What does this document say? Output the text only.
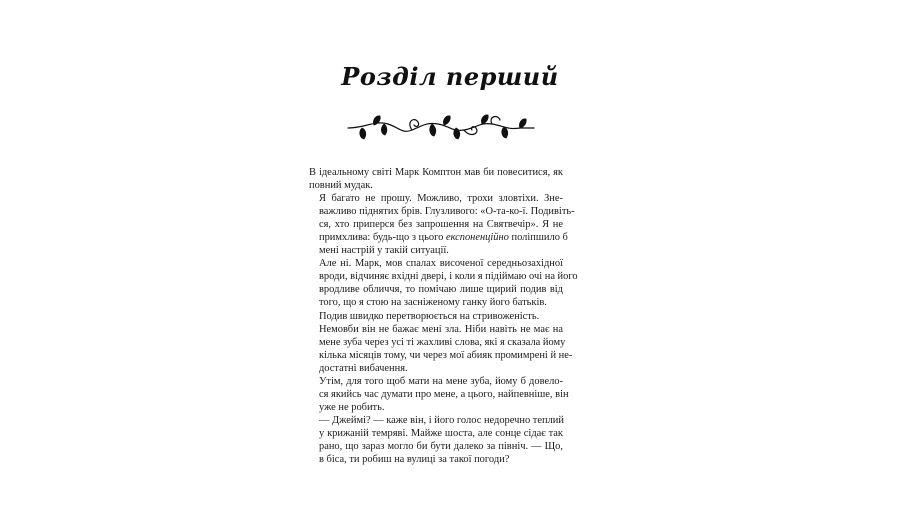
Розділ перший

В ідеальному світі Марк Комптон мав би повеситися, як
повний мудак.

Я багато не прошу. Можливо, трохи зловтіхи. Зне-
важливо піднятих брів. Глузливого: «О-та-ко-ї. Подивіть-
ся, хто приперся без запрошення на Святвечір». Я не
примхлива: будь-що з цього експоненційно поліпшило б
мені настрій у такій ситуації.

Але ні. Марк, мов спалах височеної середньозахідної
вроди, відчиняє вхідні двері, і коли я підіймаю очі на його
вродливе обличчя, то помічаю лише щирий подив від
того, що я стою на засніженому ганку його батьків.

Подив швидко перетворюється на стривоженість.

Немовби він не бажає мені зла. Ніби навіть не має на
мене зуба через усі ті жахливі слова, які я сказала йому
кілька місяців тому, чи через мої абияк промимрені й не-
достатні вибачення.

Утім, для того щоб мати на мене зуба, йому б довело-
ся якийсь час думати про мене, а цього, найпевніше, він
уже не робить.

— Джеймі? — каже він, і його голос недоречно теплий
у крижаній темряві. Майже шоста, але сонце сідає так
рано, що зараз могло би бути далеко за північ. — Що,
в біса, ти робиш на вулиці за такої погоди?
